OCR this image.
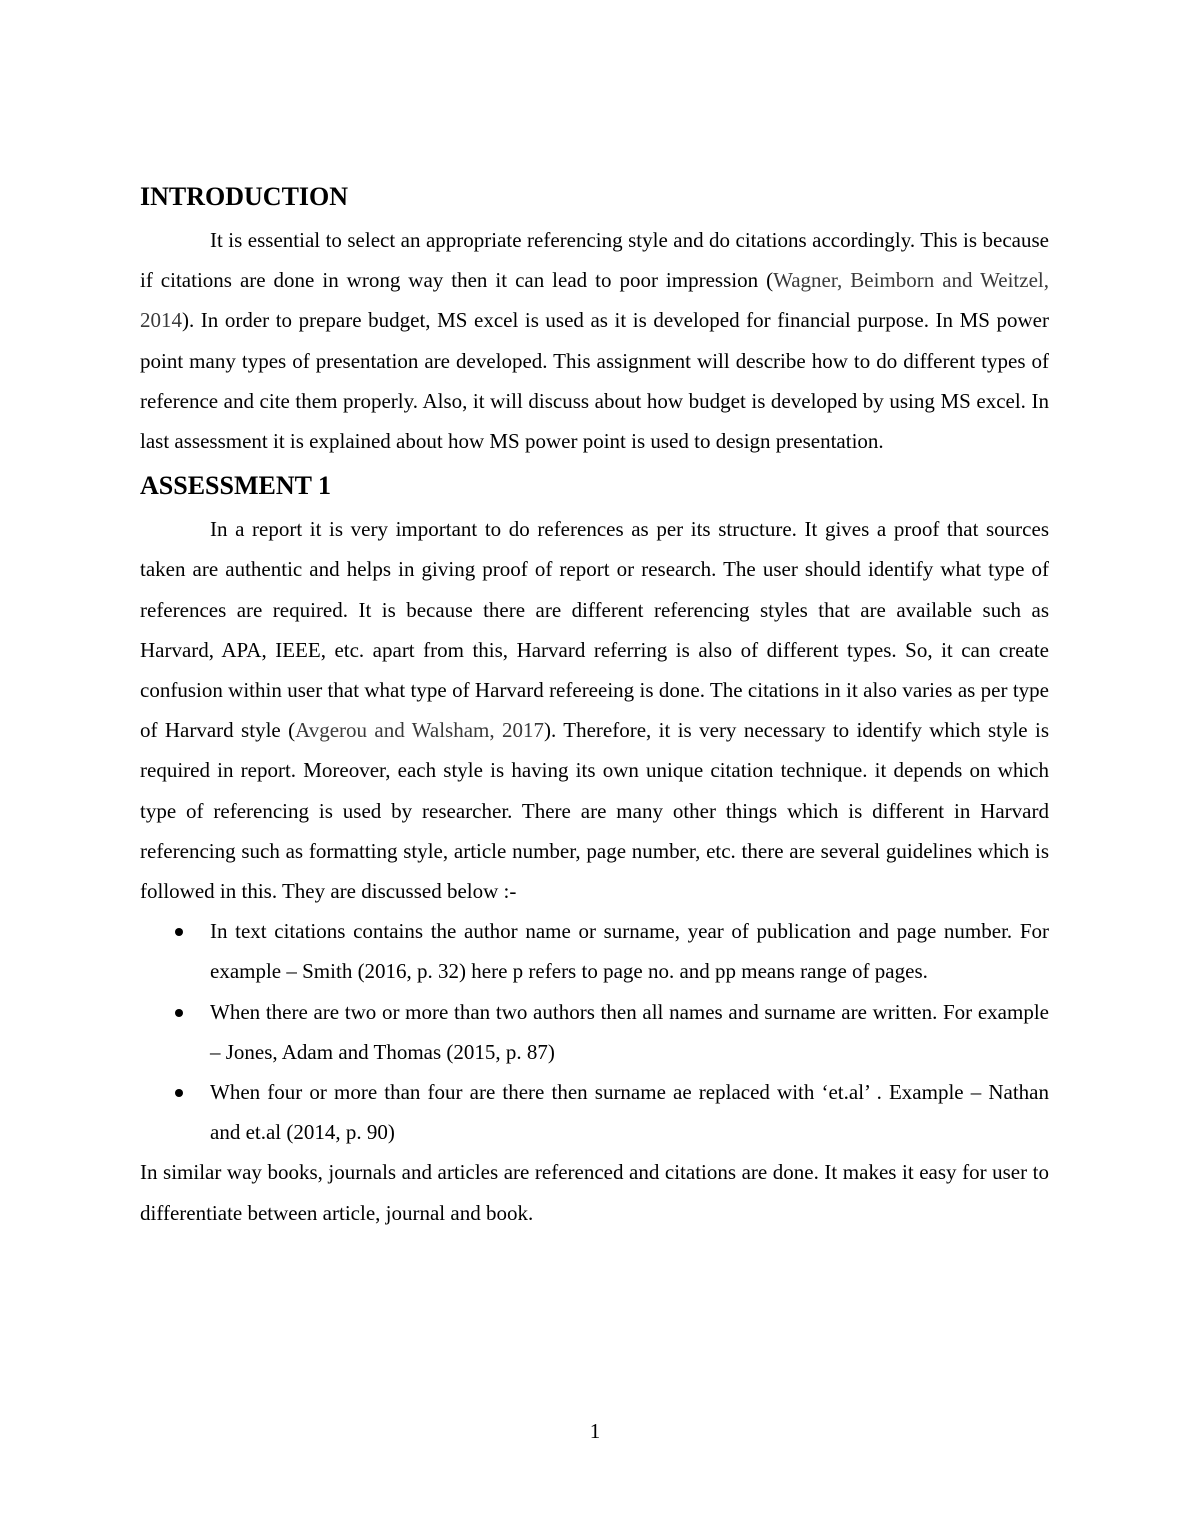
INTRODUCTION

It is essential to select an appropriate referencing style and do citations accordingly. This is because if citations are done in wrong way then it can lead to poor impression (Wagner, Beimborn and Weitzel, 2014). In order to prepare budget, MS excel is used as it is developed for financial purpose. In MS power point many types of presentation are developed. This assignment will describe how to do different types of reference and cite them properly. Also, it will discuss about how budget is developed by using MS excel. In last assessment it is explained about how MS power point is used to design presentation.

ASSESSMENT 1

In a report it is very important to do references as per its structure. It gives a proof that sources taken are authentic and helps in giving proof of report or research. The user should identify what type of references are required. It is because there are different referencing styles that are available such as Harvard, APA, IEEE, etc. apart from this, Harvard referring is also of different types. So, it can create confusion within user that what type of Harvard refereeing is done. The citations in it also varies as per type of Harvard style (Avgerou and Walsham, 2017). Therefore, it is very necessary to identify which style is required in report. Moreover, each style is having its own unique citation technique. it depends on which type of referencing is used by researcher. There are many other things which is different in Harvard referencing such as formatting style, article number, page number, etc. there are several guidelines which is followed in this. They are discussed below :-

In text citations contains the author name or surname, year of publication and page number. For example – Smith (2016, p. 32) here p refers to page no. and pp means range of pages.
When there are two or more than two authors then all names and surname are written. For example – Jones, Adam and Thomas (2015, p. 87)
When four or more than four are there then surname ae replaced with ‘et.al’ . Example – Nathan and et.al (2014, p. 90)

In similar way books, journals and articles are referenced and citations are done. It makes it easy for user to differentiate between article, journal and book.

1
